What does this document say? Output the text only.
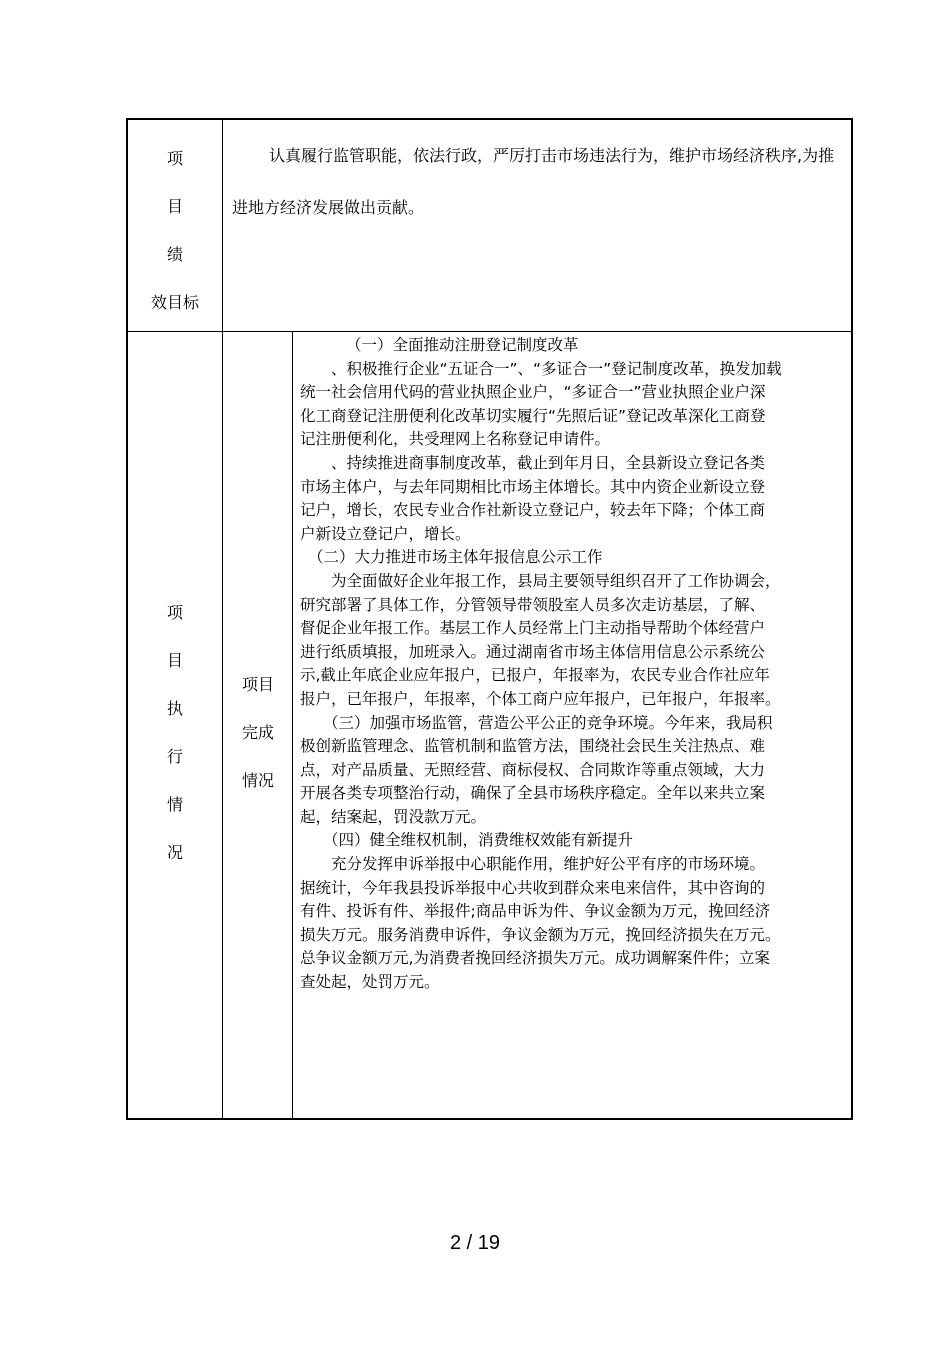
项
目
绩
效目标
认真履行监管职能，依法行政，严厉打击市场违法行为，维护市场经济秩序,为推进地方经济发展做出贡献。
项
目
执
行
情
况
项目
完成
情况

（一）全面推动注册登记制度改革

、积极推行企业“五证合一”、“多证合一”登记制度改革，换发加载

统一社会信用代码的营业执照企业户，“多证合一”营业执照企业户深

化工商登记注册便利化改革切实履行“先照后证”登记改革深化工商登

记注册便利化，共受理网上名称登记申请件。

、持续推进商事制度改革，截止到年月日，全县新设立登记各类

市场主体户，与去年同期相比市场主体增长。其中内资企业新设立登

记户，增长，农民专业合作社新设立登记户，较去年下降；个体工商

户新设立登记户，增长。

（二）大力推进市场主体年报信息公示工作

为全面做好企业年报工作，县局主要领导组织召开了工作协调会，

研究部署了具体工作，分管领导带领股室人员多次走访基层，了解、

督促企业年报工作。基层工作人员经常上门主动指导帮助个体经营户

进行纸质填报，加班录入。通过湖南省市场主体信用信息公示系统公

示,截止年底企业应年报户，已报户，年报率为，农民专业合作社应年

报户，已年报户，年报率，个体工商户应年报户，已年报户，年报率。

（三）加强市场监管，营造公平公正的竞争环境。今年来，我局积

极创新监管理念、监管机制和监管方法，围绕社会民生关注热点、难

点，对产品质量、无照经营、商标侵权、合同欺诈等重点领域，大力

开展各类专项整治行动，确保了全县市场秩序稳定。全年以来共立案

起，结案起，罚没款万元。

（四）健全维权机制，消费维权效能有新提升

充分发挥申诉举报中心职能作用，维护好公平有序的市场环境。

据统计，今年我县投诉举报中心共收到群众来电来信件，其中咨询的

有件、投诉有件、举报件;商品申诉为件、争议金额为万元，挽回经济

损失万元。服务消费申诉件，争议金额为万元，挽回经济损失在万元。

总争议金额万元,为消费者挽回经济损失万元。成功调解案件件；立案

查处起，处罚万元。

2 / 19
